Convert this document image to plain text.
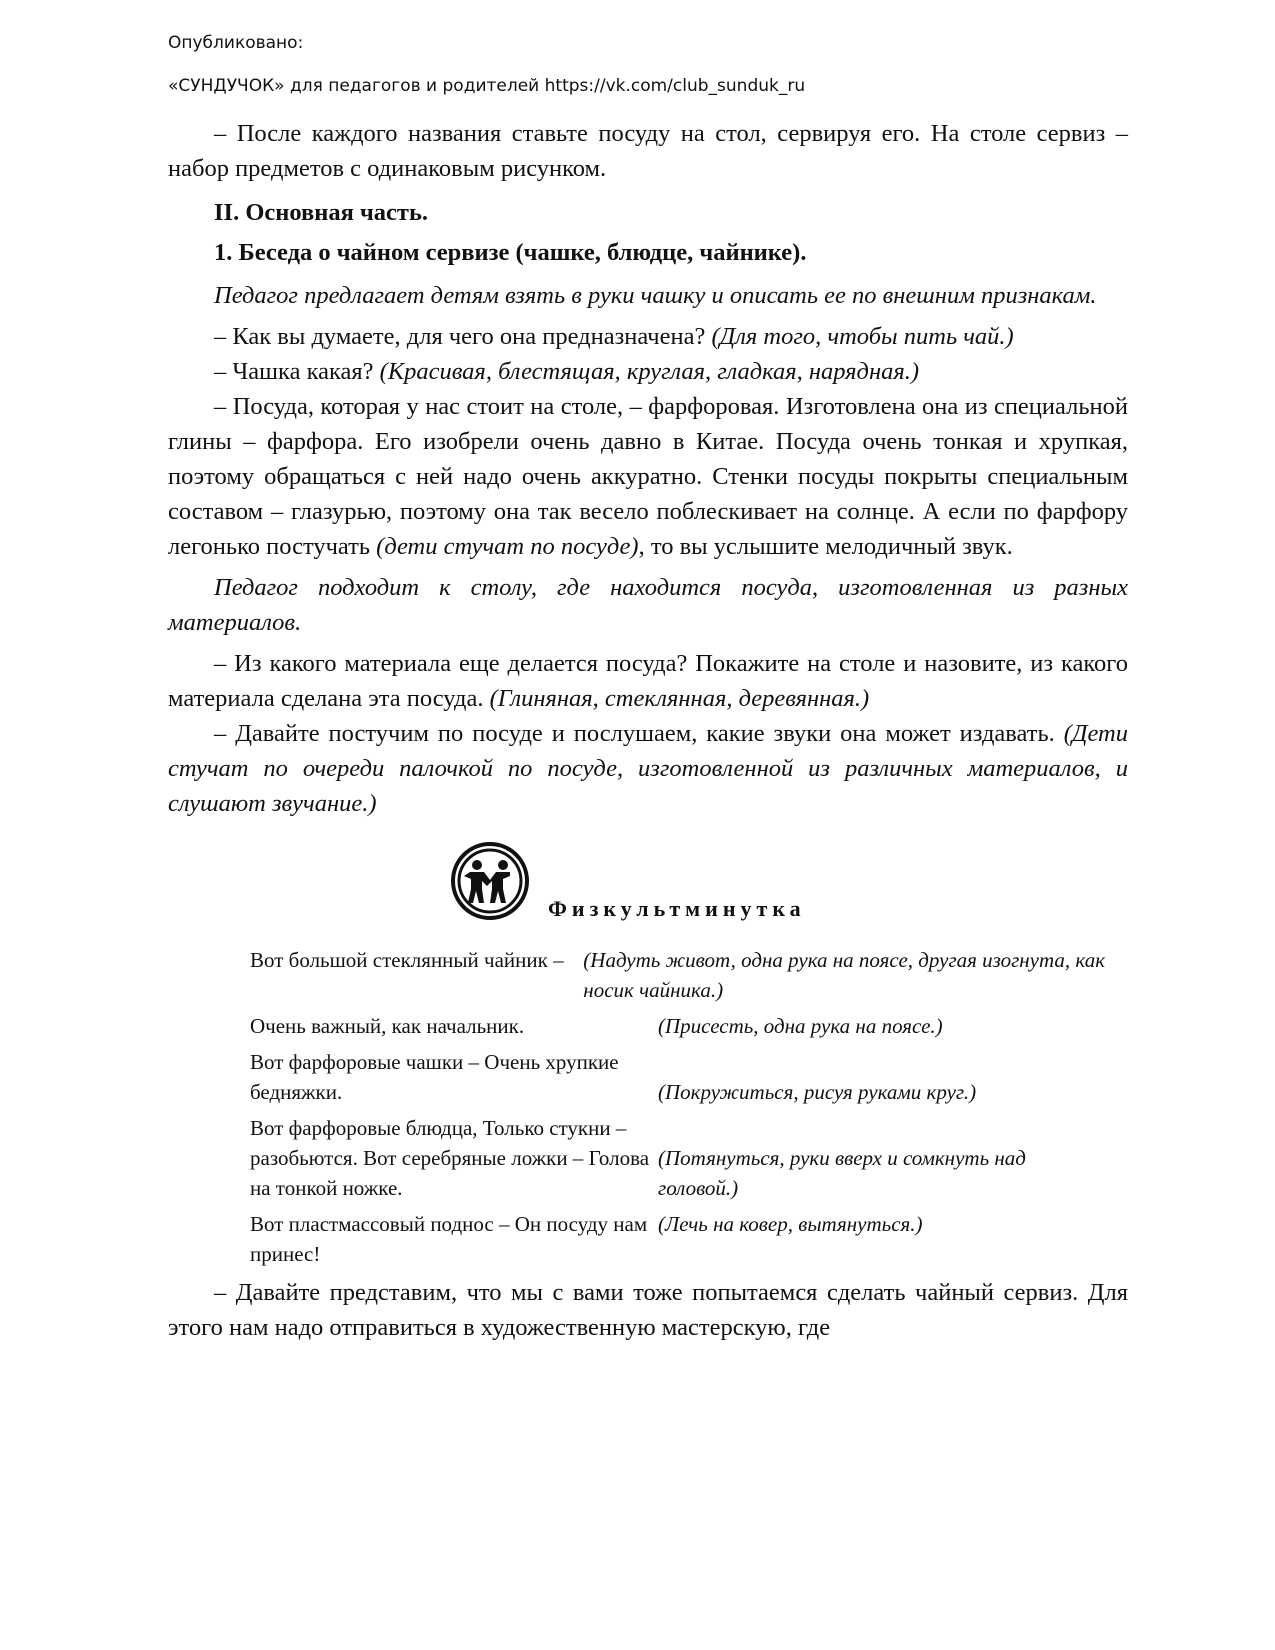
Опубликовано:
«СУНДУЧОК» для педагогов и родителей https://vk.com/club_sunduk_ru

– После каждого названия ставьте посуду на стол, сервируя его. На столе сервиз – набор предметов с одинаковым рисунком.

II. Основная часть.
1. Беседа о чайном сервизе (чашке, блюдце, чайнике).

Педагог предлагает детям взять в руки чашку и описать ее по внешним признакам.

– Как вы думаете, для чего она предназначена? (Для того, чтобы пить чай.)

– Чашка какая? (Красивая, блестящая, круглая, гладкая, нарядная.)

– Посуда, которая у нас стоит на столе, – фарфоровая. Изготовлена она из специальной глины – фарфора. Его изобрели очень давно в Китае. Посуда очень тонкая и хрупкая, поэтому обращаться с ней надо очень аккуратно. Стенки посуды покрыты специальным составом – глазурью, поэтому она так весело поблескивает на солнце. А если по фарфору легонько постучать (дети стучат по посуде), то вы услышите мелодичный звук.

Педагог подходит к столу, где находится посуда, изготовленная из разных материалов.

– Из какого материала еще делается посуда? Покажите на столе и назовите, из какого материала сделана эта посуда. (Глиняная, стеклянная, деревянная.)

– Давайте постучим по посуде и послушаем, какие звуки она может издавать. (Дети стучат по очереди палочкой по посуде, изготовленной из различных материалов, и слушают звучание.)

Физкультминутка
Вот большой стеклянный чайник – (Надуть живот, одна рука на поясе, другая изогнута, как носик чайника.)
Очень важный, как начальник.	(Присесть, одна рука на поясе.)
Вот фарфоровые чашки – Очень хрупкие бедняжки.	(Покружиться, рисуя руками круг.)
Вот фарфоровые блюдца, Только стукни – разобьются. Вот серебряные ложки – Голова на тонкой ножке.
(Потянуться, руки вверх и сомкнуть над головой.)
Вот пластмассовый поднос – Он посуду нам принес!
(Лечь на ковер, вытянуться.)

– Давайте представим, что мы с вами тоже попытаемся сделать чайный сервиз. Для этого нам надо отправиться в художественную мастерскую, где
